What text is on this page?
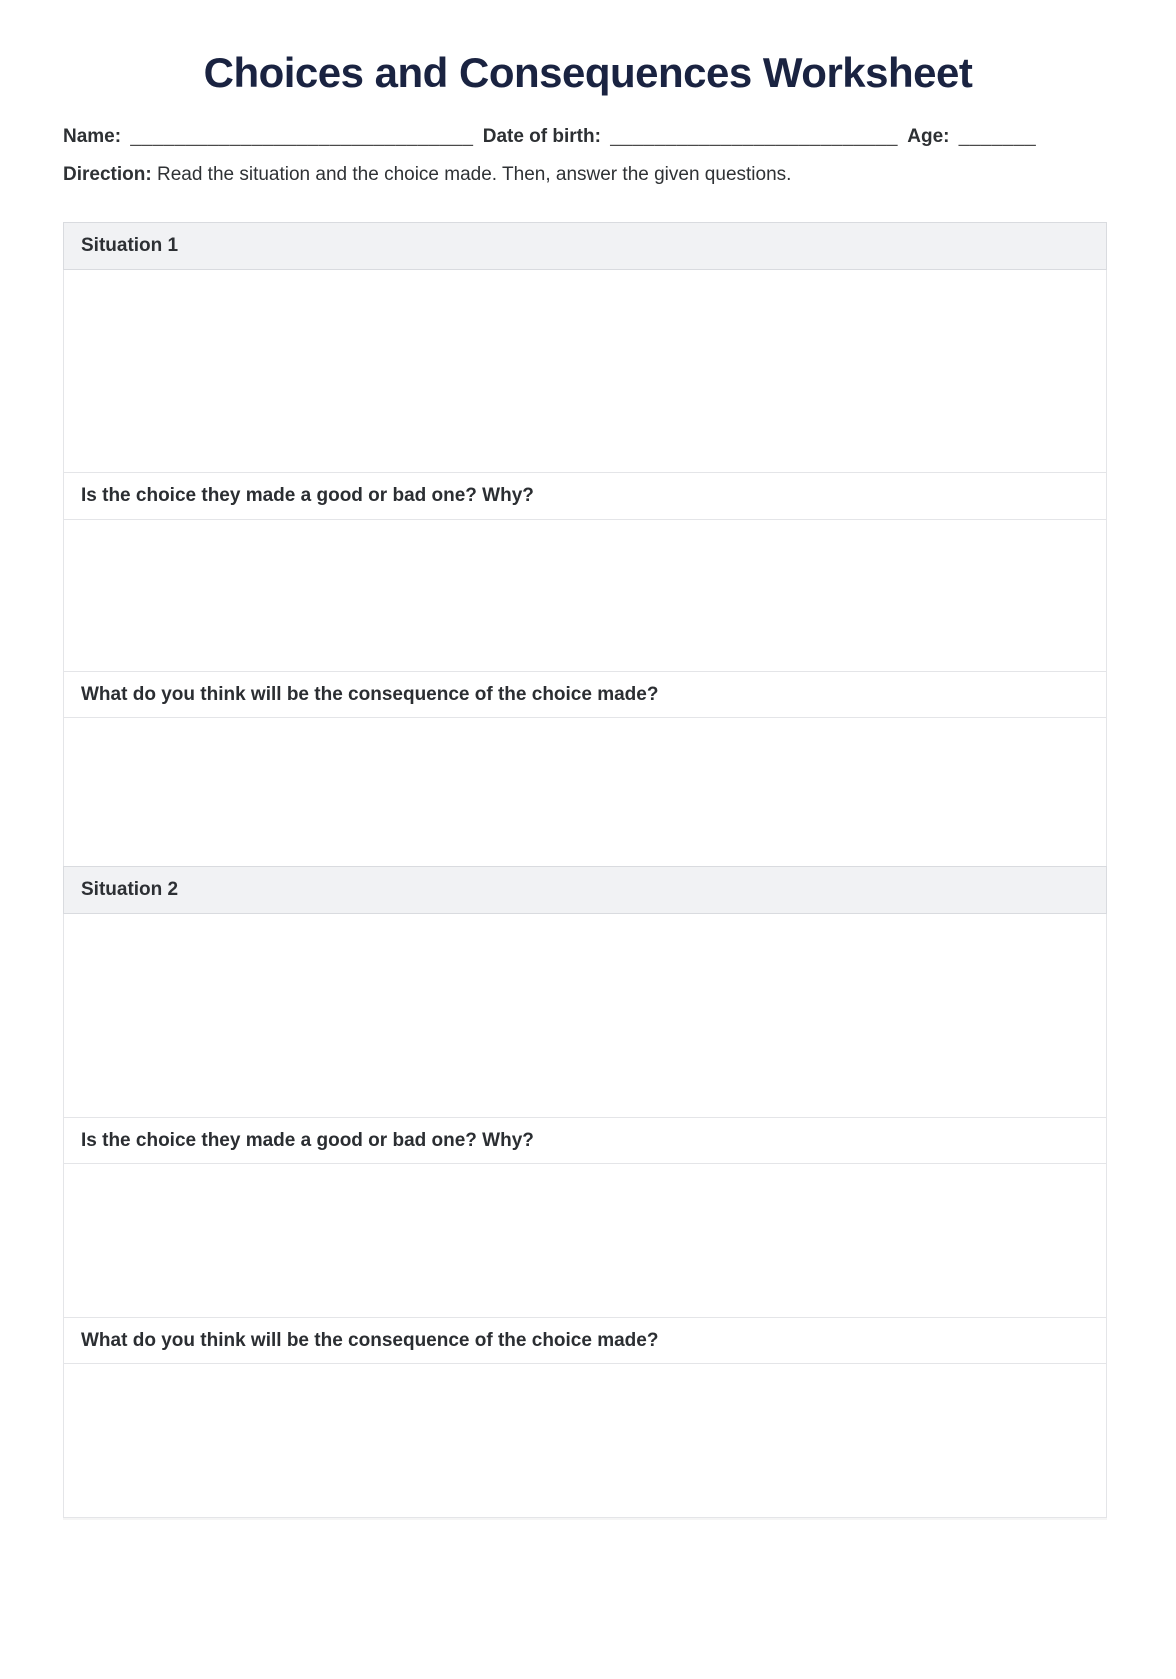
Choices and Consequences Worksheet
Name: _______________________________ Date of birth: __________________________ Age: _______

Direction: Read the situation and the choice made. Then, answer the given questions.

Situation 1
Is the choice they made a good or bad one? Why?
What do you think will be the consequence of the choice made?
Situation 2
Is the choice they made a good or bad one? Why?
What do you think will be the consequence of the choice made?
